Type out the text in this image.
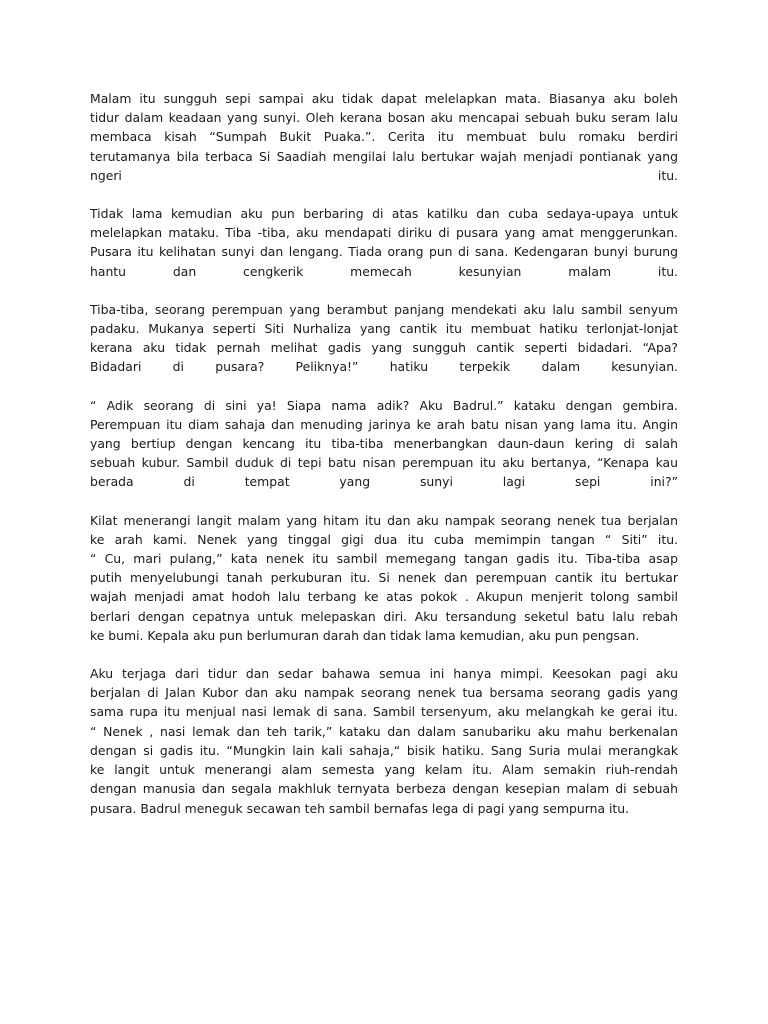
Malam itu sungguh sepi sampai aku tidak dapat melelapkan mata. Biasanya aku boleh
tidur dalam keadaan yang sunyi. Oleh kerana bosan aku mencapai sebuah buku seram lalu
membaca kisah “Sumpah Bukit Puaka.”. Cerita itu membuat bulu romaku berdiri
terutamanya bila terbaca Si Saadiah mengilai lalu bertukar wajah menjadi pontianak yang
ngeri itu.
Tidak lama kemudian aku pun berbaring di atas katilku dan cuba sedaya-upaya untuk
melelapkan mataku. Tiba -tiba, aku mendapati diriku di pusara yang amat menggerunkan.
Pusara itu kelihatan sunyi dan lengang. Tiada orang pun di sana. Kedengaran bunyi burung
hantu dan cengkerik memecah kesunyian malam itu.
Tiba-tiba, seorang perempuan yang berambut panjang mendekati aku lalu sambil senyum
padaku. Mukanya seperti Siti Nurhaliza yang cantik itu membuat hatiku terlonjat-lonjat
kerana aku tidak pernah melihat gadis yang sungguh cantik seperti bidadari. “Apa?
Bidadari di pusara? Peliknya!” hatiku terpekik dalam kesunyian.
“ Adik seorang di sini ya! Siapa nama adik? Aku Badrul.” kataku dengan gembira.
Perempuan itu diam sahaja dan menuding jarinya ke arah batu nisan yang lama itu. Angin
yang bertiup dengan kencang itu tiba-tiba menerbangkan daun-daun kering di salah
sebuah kubur. Sambil duduk di tepi batu nisan perempuan itu aku bertanya, “Kenapa kau
berada di tempat yang sunyi lagi sepi ini?”
Kilat menerangi langit malam yang hitam itu dan aku nampak seorang nenek tua berjalan
ke arah kami. Nenek yang tinggal gigi dua itu cuba memimpin tangan “ Siti” itu.
“ Cu, mari pulang,” kata nenek itu sambil memegang tangan gadis itu. Tiba-tiba asap
putih menyelubungi tanah perkuburan itu. Si nenek dan perempuan cantik itu bertukar
wajah menjadi amat hodoh lalu terbang ke atas pokok . Akupun menjerit tolong sambil
berlari dengan cepatnya untuk melepaskan diri. Aku tersandung seketul batu lalu rebah
ke bumi. Kepala aku pun berlumuran darah dan tidak lama kemudian, aku pun pengsan.
Aku terjaga dari tidur dan sedar bahawa semua ini hanya mimpi. Keesokan pagi aku
berjalan di Jalan Kubor dan aku nampak seorang nenek tua bersama seorang gadis yang
sama rupa itu menjual nasi lemak di sana. Sambil tersenyum, aku melangkah ke gerai itu.
“ Nenek , nasi lemak dan teh tarik,” kataku dan dalam sanubariku aku mahu berkenalan
dengan si gadis itu. “Mungkin lain kali sahaja,“ bisik hatiku. Sang Suria mulai merangkak
ke langit untuk menerangi alam semesta yang kelam itu. Alam semakin riuh-rendah
dengan manusia dan segala makhluk ternyata berbeza dengan kesepian malam di sebuah
pusara. Badrul meneguk secawan teh sambil bernafas lega di pagi yang sempurna itu.
